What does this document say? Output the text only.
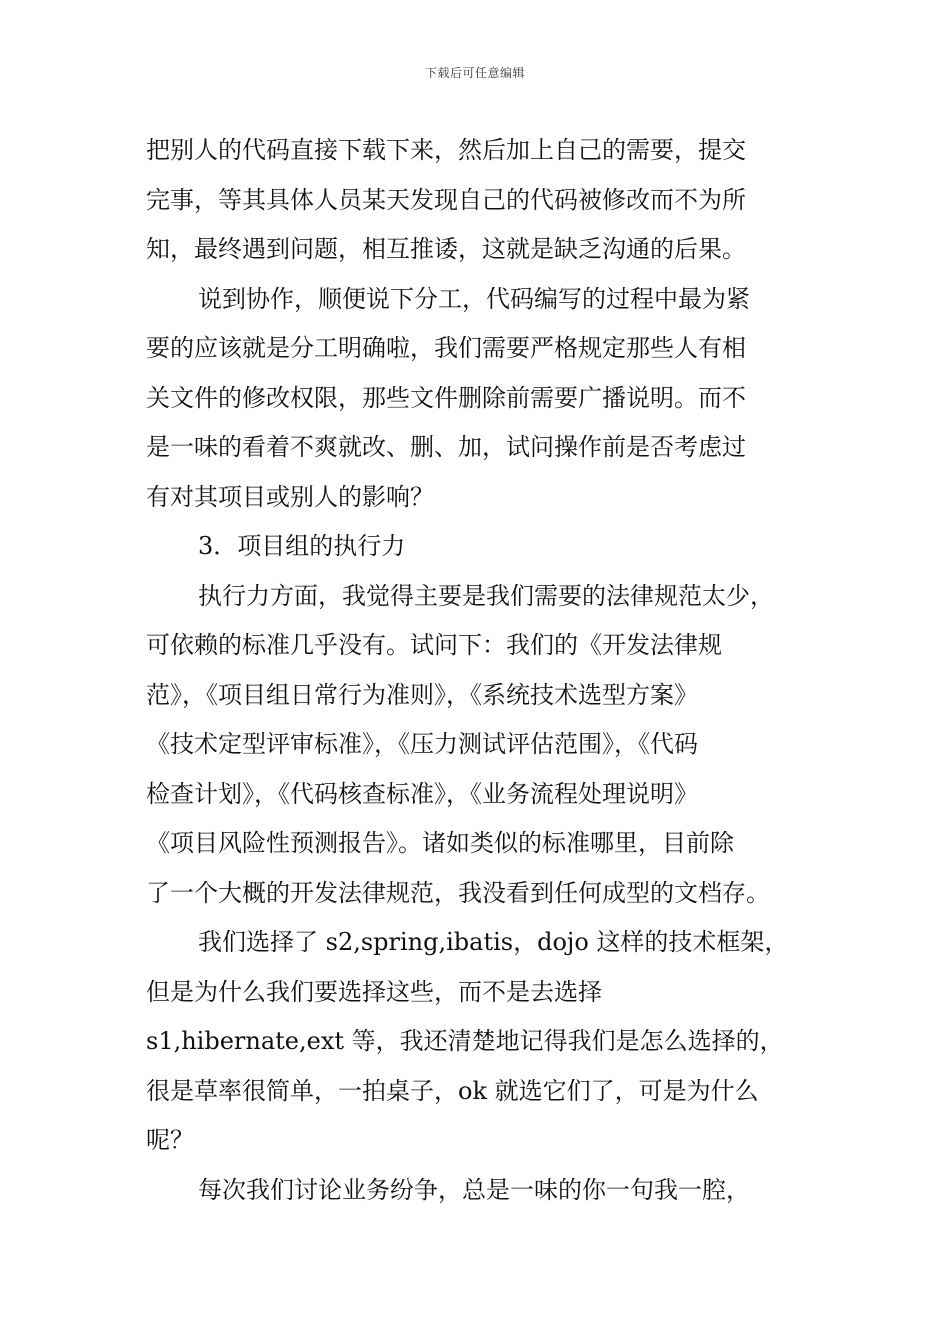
下载后可任意编辑
把别人的代码直接下载下来，然后加上自己的需要，提交
完事，等其具体人员某天发现自己的代码被修改而不为所
知，最终遇到问题，相互推诿，这就是缺乏沟通的后果。
说到协作，顺便说下分工，代码编写的过程中最为紧
要的应该就是分工明确啦，我们需要严格规定那些人有相
关文件的修改权限，那些文件删除前需要广播说明。而不
是一味的看着不爽就改、删、加，试问操作前是否考虑过
有对其项目或别人的影响？
3．项目组的执行力
执行力方面，我觉得主要是我们需要的法律规范太少，
可依赖的标准几乎没有。试问下：我们的《开发法律规
范》，《项目组日常行为准则》，《系统技术选型方案》
《技术定型评审标准》，《压力测试评估范围》，《代码
检查计划》，《代码核查标准》，《业务流程处理说明》
《项目风险性预测报告》。诸如类似的标准哪里，目前除
了一个大概的开发法律规范，我没看到任何成型的文档存。
我们选择了 s2,spring,ibatis，dojo 这样的技术框架，
但是为什么我们要选择这些，而不是去选择
s1,hibernate,ext 等，我还清楚地记得我们是怎么选择的，
很是草率很简单，一拍桌子，ok 就选它们了，可是为什么
呢？
每次我们讨论业务纷争，总是一味的你一句我一腔，
